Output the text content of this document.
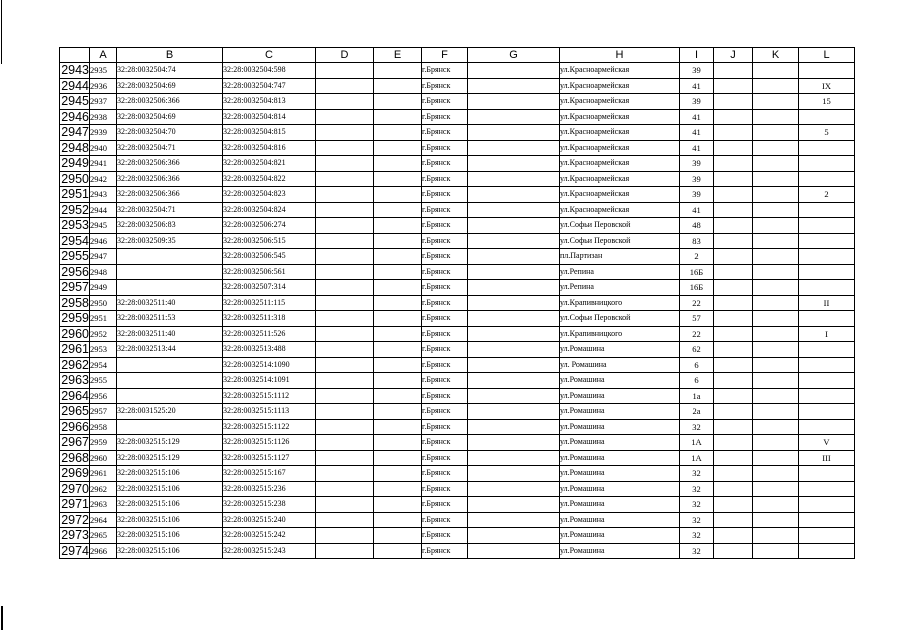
	A	B	C	D	E	F	G	H	I	J	K	L
2943	2935	32:28:0032504:74	32:28:0032504:598			г.Брянск		ул.Красноармейская	39			
2944	2936	32:28:0032504:69	32:28:0032504:747			г.Брянск		ул.Красноармейская	41			IX
2945	2937	32:28:0032506:366	32:28:0032504:813			г.Брянск		ул.Красноармейская	39			15
2946	2938	32:28:0032504:69	32:28:0032504:814			г.Брянск		ул.Красноармейская	41			
2947	2939	32:28:0032504:70	32:28:0032504:815			г.Брянск		ул.Красноармейская	41			5
2948	2940	32:28:0032504:71	32:28:0032504:816			г.Брянск		ул.Красноармейская	41			
2949	2941	32:28:0032506:366	32:28:0032504:821			г.Брянск		ул.Красноармейская	39			
2950	2942	32:28:0032506:366	32:28:0032504:822			г.Брянск		ул.Красноармейская	39			
2951	2943	32:28:0032506:366	32:28:0032504:823			г.Брянск		ул.Красноармейская	39			2
2952	2944	32:28:0032504:71	32:28:0032504:824			г.Брянск		ул.Красноармейская	41			
2953	2945	32:28:0032506:83	32:28:0032506:274			г.Брянск		ул.Софьи Перовской	48			
2954	2946	32:28:0032509:35	32:28:0032506:515			г.Брянск		ул.Софьи Перовской	83			
2955	2947		32:28:0032506:545			г.Брянск		пл.Партизан	2			
2956	2948		32:28:0032506:561			г.Брянск		ул.Репина	16Б			
2957	2949		32:28:0032507:314			г.Брянск		ул.Репина	16Б			
2958	2950	32:28:0032511:40	32:28:0032511:115			г.Брянск		ул.Крапивницкого	22			II
2959	2951	32:28:0032511:53	32:28:0032511:318			г.Брянск		ул.Софьи Перовской	57			
2960	2952	32:28:0032511:40	32:28:0032511:526			г.Брянск		ул.Крапивницкого	22			I
2961	2953	32:28:0032513:44	32:28:0032513:488			г.Брянск		ул.Ромашина	62			
2962	2954		32:28:0032514:1090			г.Брянск		ул. Ромашина	6			
2963	2955		32:28:0032514:1091			г.Брянск		ул.Ромашина	6			
2964	2956		32:28:0032515:1112			г.Брянск		ул.Ромашина	1а			
2965	2957	32:28:0031525:20	32:28:0032515:1113			г.Брянск		ул.Ромашина	2а			
2966	2958		32:28:0032515:1122			г.Брянск		ул.Ромашина	32			
2967	2959	32:28:0032515:129	32:28:0032515:1126			г.Брянск		ул.Ромашина	1А			V
2968	2960	32:28:0032515:129	32:28:0032515:1127			г.Брянск		ул.Ромашина	1А			III
2969	2961	32:28:0032515:106	32:28:0032515:167			г.Брянск		ул.Ромашина	32			
2970	2962	32:28:0032515:106	32:28:0032515:236			г.Брянск		ул.Ромашина	32			
2971	2963	32:28:0032515:106	32:28:0032515:238			г.Брянск		ул.Ромашина	32			
2972	2964	32:28:0032515:106	32:28:0032515:240			г.Брянск		ул.Ромашина	32			
2973	2965	32:28:0032515:106	32:28:0032515:242			г.Брянск		ул.Ромашина	32			
2974	2966	32:28:0032515:106	32:28:0032515:243			г.Брянск		ул.Ромашина	32			
